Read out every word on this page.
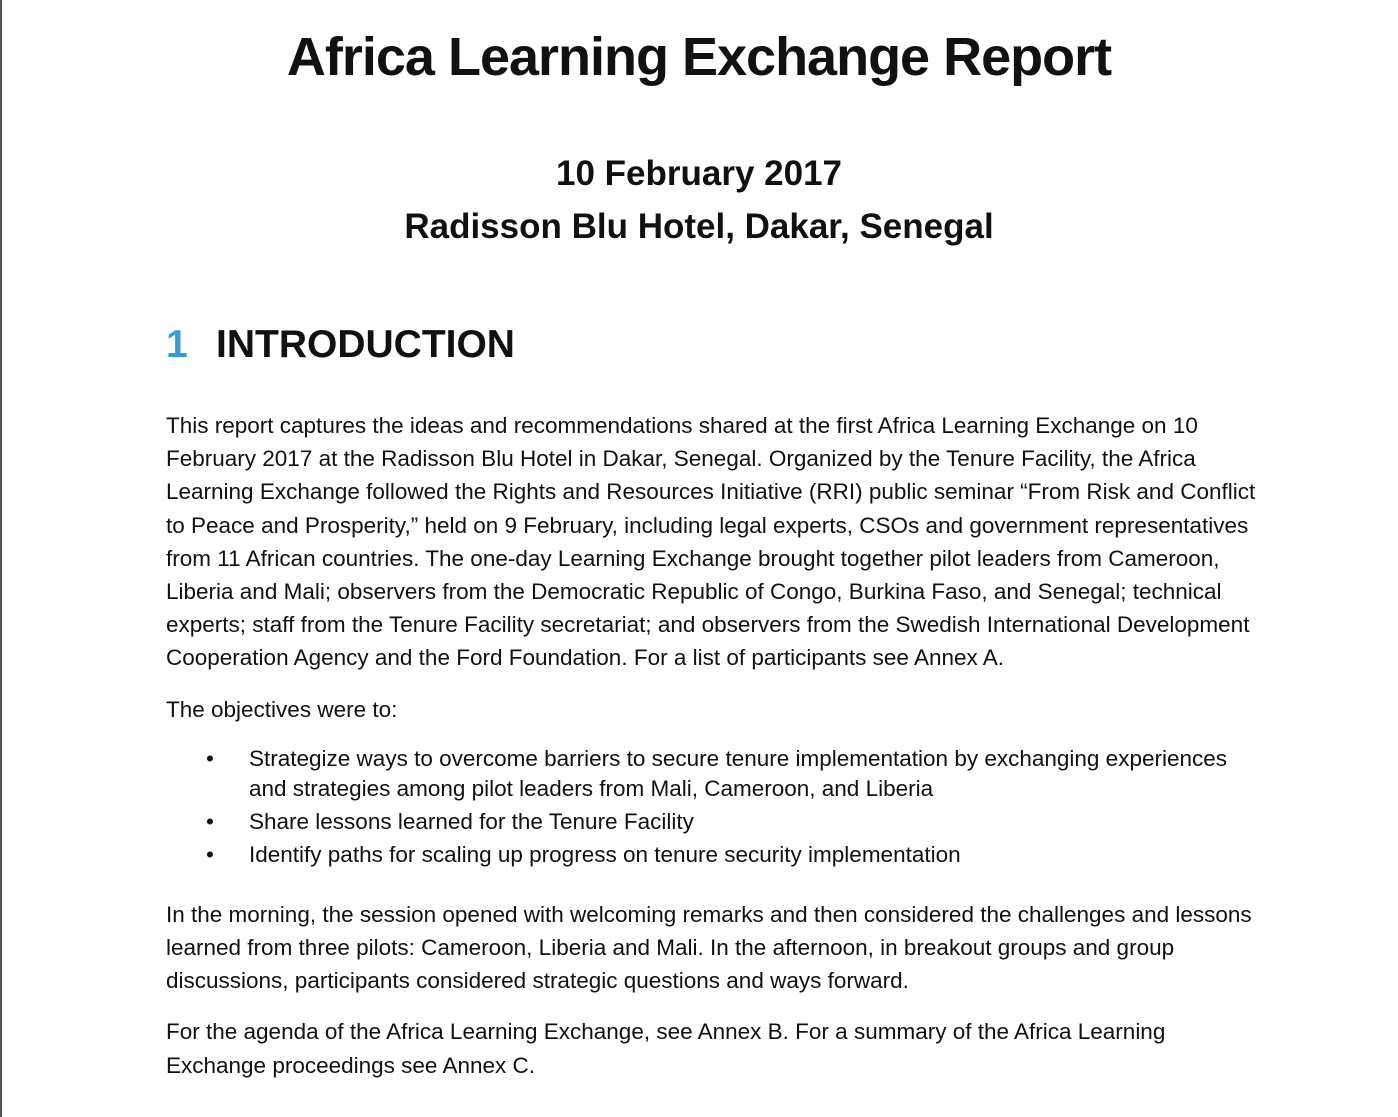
Africa Learning Exchange Report
10 February 2017
Radisson Blu Hotel, Dakar, Senegal
1 INTRODUCTION

This report captures the ideas and recommendations shared at the first Africa Learning Exchange on 10 February 2017 at the Radisson Blu Hotel in Dakar, Senegal. Organized by the Tenure Facility, the Africa Learning Exchange followed the Rights and Resources Initiative (RRI) public seminar “From Risk and Conflict to Peace and Prosperity,” held on 9 February, including legal experts, CSOs and government representatives from 11 African countries. The one-day Learning Exchange brought together pilot leaders from Cameroon, Liberia and Mali; observers from the Democratic Republic of Congo, Burkina Faso, and Senegal; technical experts; staff from the Tenure Facility secretariat; and observers from the Swedish International Development Cooperation Agency and the Ford Foundation. For a list of participants see Annex A.

The objectives were to:

• Strategize ways to overcome barriers to secure tenure implementation by exchanging experiences and strategies among pilot leaders from Mali, Cameroon, and Liberia
• Share lessons learned for the Tenure Facility
• Identify paths for scaling up progress on tenure security implementation

In the morning, the session opened with welcoming remarks and then considered the challenges and lessons learned from three pilots: Cameroon, Liberia and Mali. In the afternoon, in breakout groups and group discussions, participants considered strategic questions and ways forward.

For the agenda of the Africa Learning Exchange, see Annex B. For a summary of the Africa Learning Exchange proceedings see Annex C.
